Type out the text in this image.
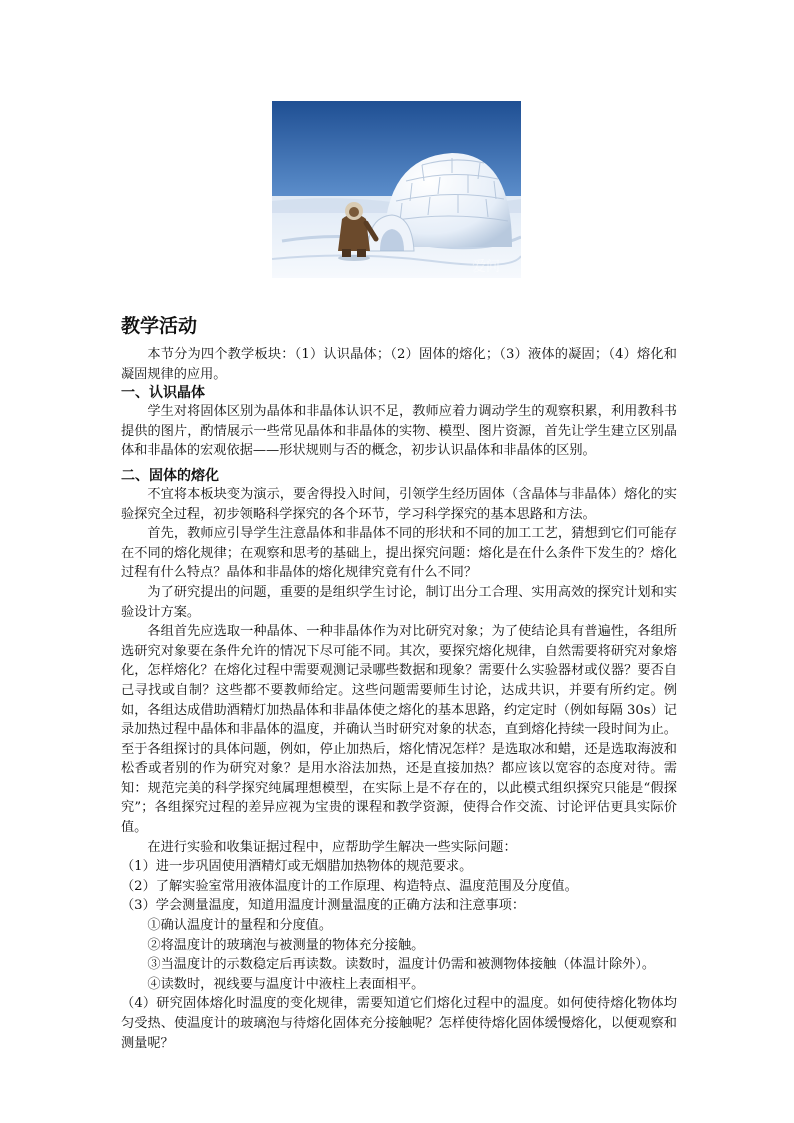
爱问
教学活动

本节分为四个教学板块：（1）认识晶体；（2）固体的熔化；（3）液体的凝固；（4）熔化和凝固规律的应用。

一、认识晶体

学生对将固体区别为晶体和非晶体认识不足，教师应着力调动学生的观察积累，利用教科书提供的图片，酌情展示一些常见晶体和非晶体的实物、模型、图片资源，首先让学生建立区别晶体和非晶体的宏观依据——形状规则与否的概念，初步认识晶体和非晶体的区别。

二、固体的熔化

不宜将本板块变为演示，要舍得投入时间，引领学生经历固体（含晶体与非晶体）熔化的实验探究全过程，初步领略科学探究的各个环节，学习科学探究的基本思路和方法。

首先，教师应引导学生注意晶体和非晶体不同的形状和不同的加工工艺，猜想到它们可能存在不同的熔化规律；在观察和思考的基础上，提出探究问题：熔化是在什么条件下发生的？熔化过程有什么特点？晶体和非晶体的熔化规律究竟有什么不同？

为了研究提出的问题，重要的是组织学生讨论，制订出分工合理、实用高效的探究计划和实验设计方案。

各组首先应选取一种晶体、一种非晶体作为对比研究对象；为了使结论具有普遍性，各组所选研究对象要在条件允许的情况下尽可能不同。其次，要探究熔化规律，自然需要将研究对象熔化，怎样熔化？在熔化过程中需要观测记录哪些数据和现象？需要什么实验器材或仪器？要否自己寻找或自制？这些都不要教师给定。这些问题需要师生讨论，达成共识，并要有所约定。例如，各组达成借助酒精灯加热晶体和非晶体使之熔化的基本思路，约定定时（例如每隔 30s）记录加热过程中晶体和非晶体的温度，并确认当时研究对象的状态，直到熔化持续一段时间为止。至于各组探讨的具体问题，例如，停止加热后，熔化情况怎样？是选取冰和蜡，还是选取海波和松香或者别的作为研究对象？是用水浴法加热，还是直接加热？都应该以宽容的态度对待。需知：规范完美的科学探究纯属理想模型，在实际上是不存在的，以此模式组织探究只能是“假探究”；各组探究过程的差异应视为宝贵的课程和教学资源，使得合作交流、讨论评估更具实际价值。

在进行实验和收集证据过程中，应帮助学生解决一些实际问题：

（1）进一步巩固使用酒精灯或无烟腊加热物体的规范要求。

（2）了解实验室常用液体温度计的工作原理、构造特点、温度范围及分度值。

（3）学会测量温度，知道用温度计测量温度的正确方法和注意事项：

①确认温度计的量程和分度值。

②将温度计的玻璃泡与被测量的物体充分接触。

③当温度计的示数稳定后再读数。读数时，温度计仍需和被测物体接触（体温计除外）。

④读数时，视线要与温度计中液柱上表面相平。

（4）研究固体熔化时温度的变化规律，需要知道它们熔化过程中的温度。如何使待熔化物体均匀受热、使温度计的玻璃泡与待熔化固体充分接触呢？怎样使待熔化固体缓慢熔化，以便观察和测量呢？
